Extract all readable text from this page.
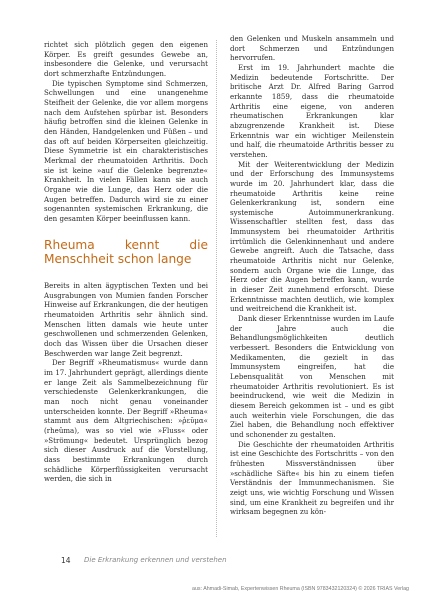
richtet sich plötzlich gegen den eigenen Körper. Es greift gesundes Gewebe an, insbesondere die Gelenke, und verursacht dort schmerzhafte Entzündungen.

Die typischen Symptome sind Schmerzen, Schwellungen und eine unangenehme Steifheit der Gelenke, die vor allem morgens nach dem Aufstehen spürbar ist. Besonders häufig betroffen sind die kleinen Gelenke in den Händen, Handgelenken und Füßen – und das oft auf beiden Körperseiten gleichzeitig. Diese Symmetrie ist ein charakteristisches Merkmal der rheumatoiden Arthritis. Doch sie ist keine »auf die Gelenke begrenzte« Krankheit. In vielen Fällen kann sie auch Organe wie die Lunge, das Herz oder die Augen betreffen. Dadurch wird sie zu einer sogenannten systemischen Erkrankung, die den gesamten Körper beeinflussen kann.

Rheuma kennt die Menschheit schon lange

Bereits in alten ägyptischen Texten und bei Ausgrabungen von Mumien fanden Forscher Hinweise auf Erkrankungen, die der heutigen rheumatoiden Arthritis sehr ähnlich sind. Menschen litten damals wie heute unter geschwollenen und schmerzenden Gelenken, doch das Wissen über die Ursachen dieser Beschwerden war lange Zeit begrenzt.

Der Begriff »Rheumatismus« wurde dann im 17. Jahrhundert geprägt, allerdings diente er lange Zeit als Sammelbezeichnung für verschiedenste Gelenkerkrankungen, die man noch nicht genau voneinander unterscheiden konnte. Der Begriff »Rheuma« stammt aus dem Altgriechischen: »ῥεῦμα« (rheûma), was so viel wie »Fluss« oder »Strömung« bedeutet. Ursprünglich bezog sich dieser Ausdruck auf die Vorstellung, dass bestimmte Erkrankungen durch schädliche Körperflüssigkeiten verursacht werden, die sich in

den Gelenken und Muskeln ansammeln und dort Schmerzen und Entzündungen hervorrufen.

Erst im 19. Jahrhundert machte die Medizin bedeutende Fortschritte. Der britische Arzt Dr. Alfred Baring Garrod erkannte 1859, dass die rheumatoide Arthritis eine eigene, von anderen rheumatischen Erkrankungen klar abzugrenzende Krankheit ist. Diese Erkenntnis war ein wichtiger Meilenstein und half, die rheumatoide Arthritis besser zu verstehen.

Mit der Weiterentwicklung der Medizin und der Erforschung des Immunsystems wurde im 20. Jahrhundert klar, dass die rheumatoide Arthritis keine reine Gelenkerkrankung ist, sondern eine systemische Autoimmunerkrankung. Wissenschaftler stellten fest, dass das Immunsystem bei rheumatoider Arthritis irrtümlich die Gelenkinnenhaut und andere Gewebe angreift. Auch die Tatsache, dass rheumatoide Arthritis nicht nur Gelenke, sondern auch Organe wie die Lunge, das Herz oder die Augen betreffen kann, wurde in dieser Zeit zunehmend erforscht. Diese Erkenntnisse machten deutlich, wie komplex und weitreichend die Krankheit ist.

Dank dieser Erkenntnisse wurden im Laufe der Jahre auch die Behandlungsmöglichkeiten deutlich verbessert. Besonders die Entwicklung von Medikamenten, die gezielt in das Immunsystem eingreifen, hat die Lebensqualität von Menschen mit rheumatoider Arthritis revolutioniert. Es ist beeindruckend, wie weit die Medizin in diesem Bereich gekommen ist – und es gibt auch weiterhin viele Forschungen, die das Ziel haben, die Behandlung noch effektiver und schonender zu gestalten.

Die Geschichte der rheumatoiden Arthritis ist eine Geschichte des Fortschritts – von den frühesten Missverständnissen über »schädliche Säfte« bis hin zu einem tiefen Verständnis der Immunmechanismen. Sie zeigt uns, wie wichtig Forschung und Wissen sind, um eine Krankheit zu begreifen und ihr wirksam begegnen zu kön-

14 Die Erkrankung erkennen und verstehen
aus: Ahmadi-Simab, Expertenwissen Rheuma (ISBN 9783432120324) © 2026 TRIAS Verlag
